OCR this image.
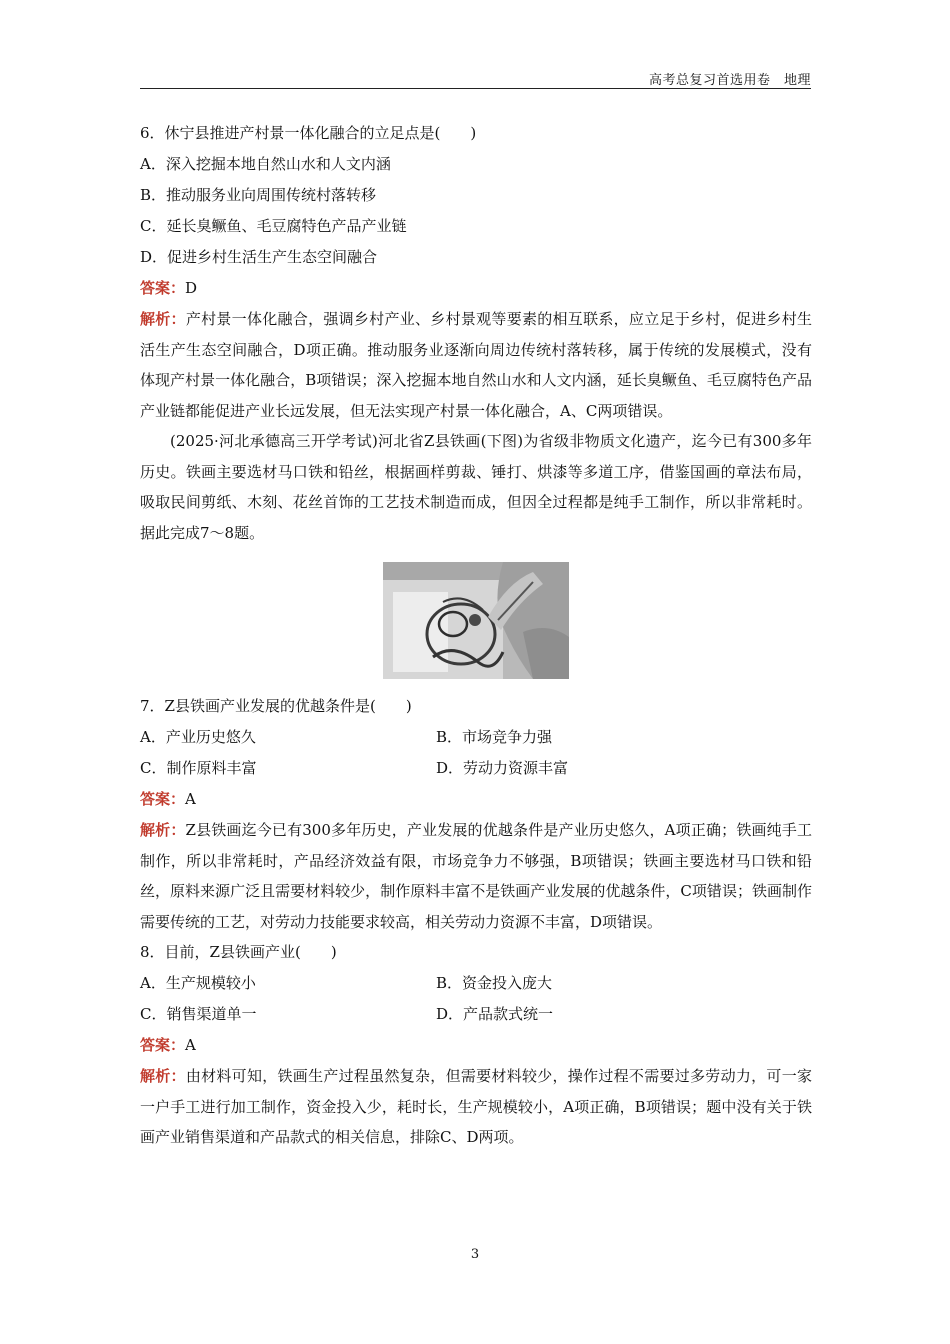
高考总复习首选用卷　地理
6．休宁县推进产村景一体化融合的立足点是(　　)
A．深入挖掘本地自然山水和人文内涵
B．推动服务业向周围传统村落转移
C．延长臭鳜鱼、毛豆腐特色产品产业链
D．促进乡村生活生产生态空间融合
答案：D
解析：产村景一体化融合，强调乡村产业、乡村景观等要素的相互联系，应立足于乡村，促进乡村生活生产生态空间融合，D项正确。推动服务业逐渐向周边传统村落转移，属于传统的发展模式，没有体现产村景一体化融合，B项错误；深入挖掘本地自然山水和人文内涵，延长臭鳜鱼、毛豆腐特色产品产业链都能促进产业长远发展，但无法实现产村景一体化融合，A、C两项错误。
(2025·河北承德高三开学考试)河北省Z县铁画(下图)为省级非物质文化遗产，迄今已有300多年历史。铁画主要选材马口铁和铅丝，根据画样剪裁、锤打、烘漆等多道工序，借鉴国画的章法布局，吸取民间剪纸、木刻、花丝首饰的工艺技术制造而成，但因全过程都是纯手工制作，所以非常耗时。据此完成7～8题。
7．Z县铁画产业发展的优越条件是(　　)
A．产业历史悠久	B．市场竞争力强
C．制作原料丰富	D．劳动力资源丰富
答案：A
解析：Z县铁画迄今已有300多年历史，产业发展的优越条件是产业历史悠久，A项正确；铁画纯手工制作，所以非常耗时，产品经济效益有限，市场竞争力不够强，B项错误；铁画主要选材马口铁和铅丝，原料来源广泛且需要材料较少，制作原料丰富不是铁画产业发展的优越条件，C项错误；铁画制作需要传统的工艺，对劳动力技能要求较高，相关劳动力资源不丰富，D项错误。
8．目前，Z县铁画产业(　　)
A．生产规模较小	B．资金投入庞大
C．销售渠道单一	D．产品款式统一
答案：A
解析：由材料可知，铁画生产过程虽然复杂，但需要材料较少，操作过程不需要过多劳动力，可一家一户手工进行加工制作，资金投入少，耗时长，生产规模较小，A项正确，B项错误；题中没有关于铁画产业销售渠道和产品款式的相关信息，排除C、D两项。
3
